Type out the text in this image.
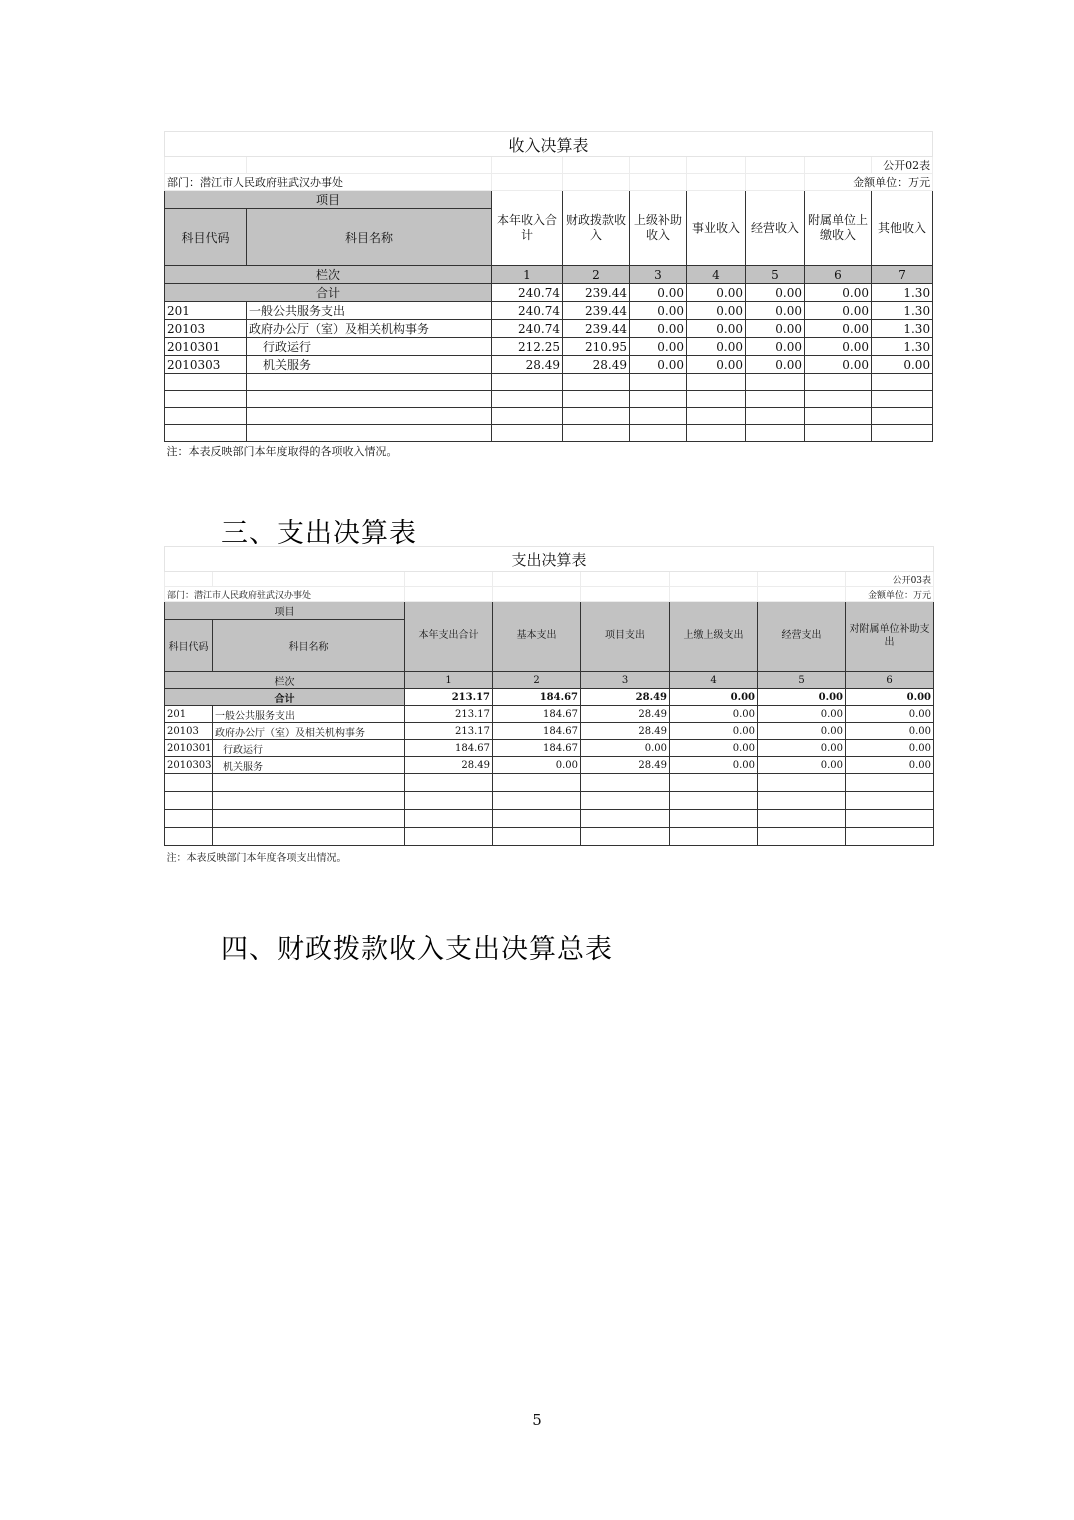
收入决算表								
								公开02表
部门：潜江市人民政府驻武汉办事处							金额单位：万元	
项目		本年收入合计	财政拨款收入	上级补助收入	事业收入	经营收入	附属单位上缴收入	其他收入
科目代码	科目名称							
栏次		1	2	3	4	5	6	7
合计		240.74	239.44	0.00	0.00	0.00	0.00	1.30
201	一般公共服务支出	240.74	239.44	0.00	0.00	0.00	0.00	1.30
20103	政府办公厅（室）及相关机构事务	240.74	239.44	0.00	0.00	0.00	0.00	1.30
2010301	行政运行	212.25	210.95	0.00	0.00	0.00	0.00	1.30
2010303	机关服务	28.49	28.49	0.00	0.00	0.00	0.00	0.00

注：本表反映部门本年度取得的各项收入情况。								
三、支出决算表
支出决算表							
							公开03表
部门：潜江市人民政府驻武汉办事处							金额单位：万元
项目		本年支出合计	基本支出	项目支出	上缴上级支出	经营支出	对附属单位补助支出
科目代码	科目名称						
栏次		1	2	3	4	5	6
合计		213.17	184.67	28.49	0.00	0.00	0.00
201	一般公共服务支出	213.17	184.67	28.49	0.00	0.00	0.00
20103	政府办公厅（室）及相关机构事务	213.17	184.67	28.49	0.00	0.00	0.00
2010301	行政运行	184.67	184.67	0.00	0.00	0.00	0.00
2010303	机关服务	28.49	0.00	28.49	0.00	0.00	0.00

注：本表反映部门本年度各项支出情况。							
四、财政拨款收入支出决算总表
5
